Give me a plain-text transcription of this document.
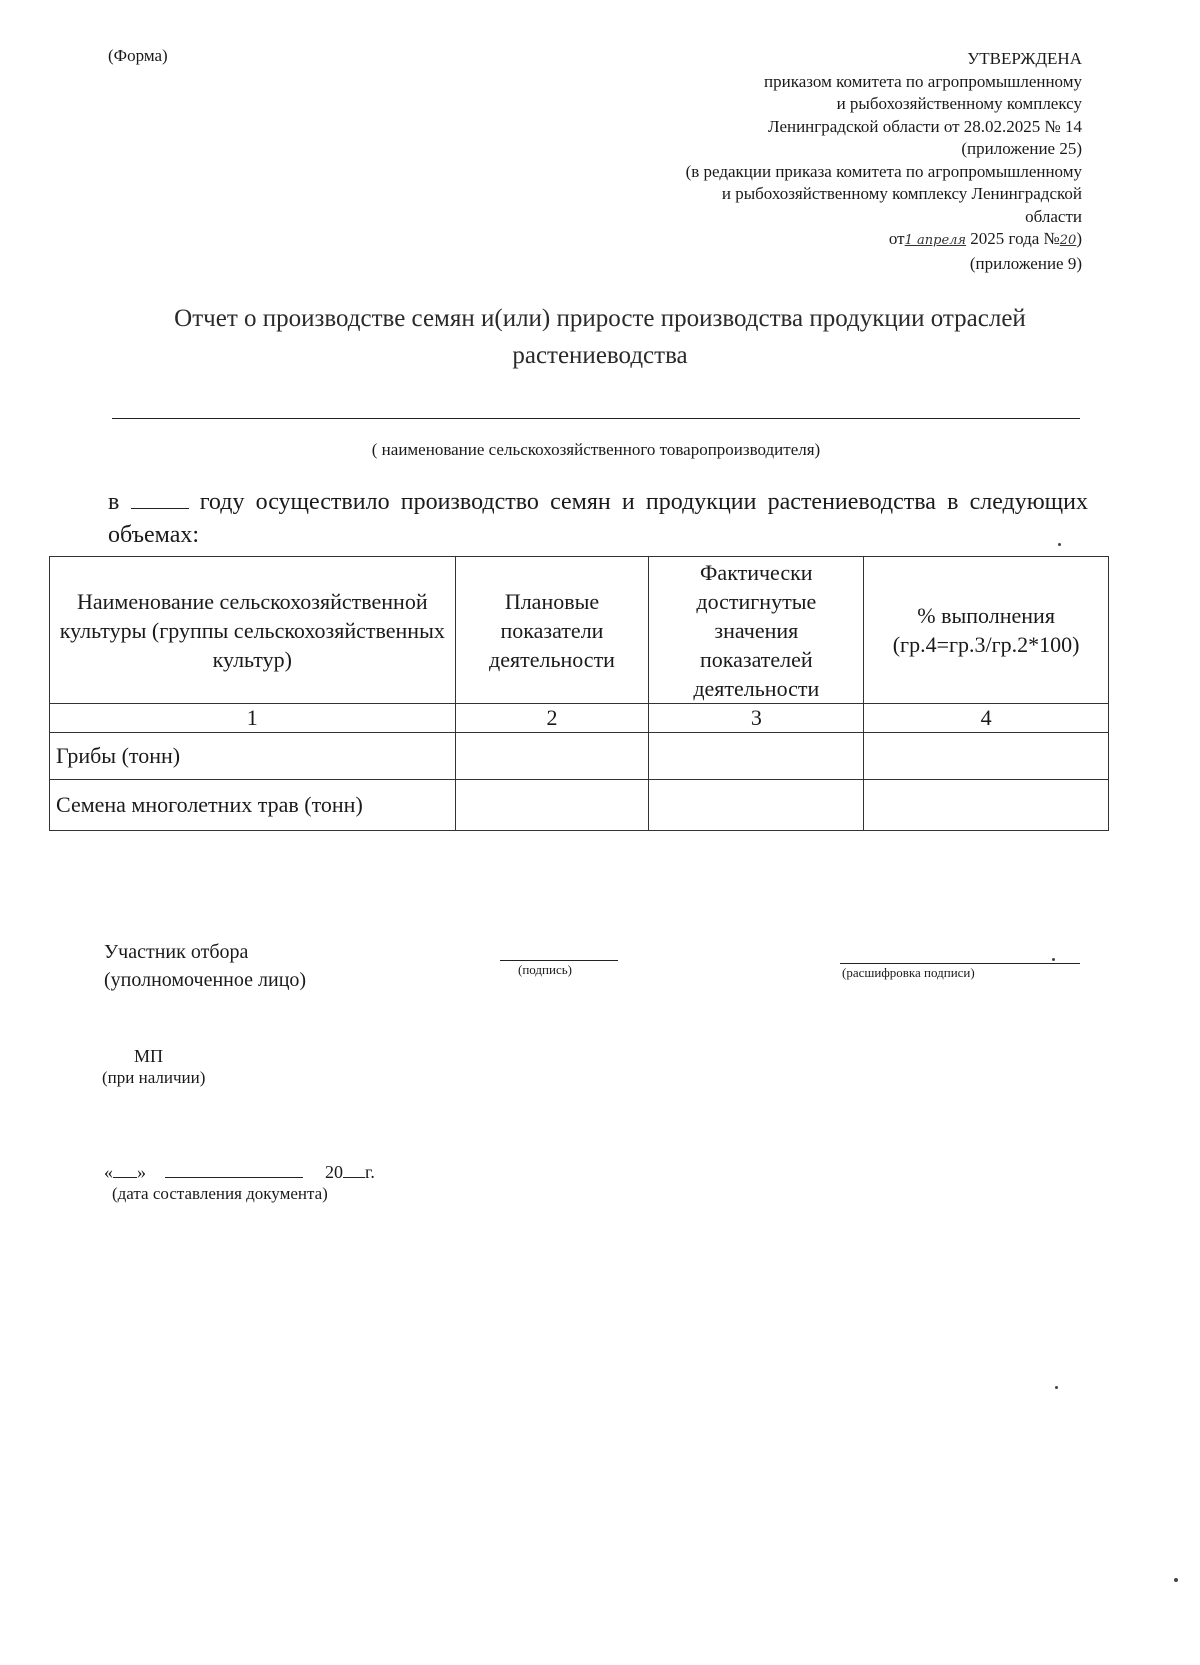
(Форма)	УТВЕРЖДЕНА
приказом комитета по агропромышленному
и рыбохозяйственному комплексу
Ленинградской области от 28.02.2025 № 14
(приложение 25)
(в редакции приказа комитета по агропромышленному
и рыбохозяйственному комплексу Ленинградской
области
от1 апреля 2025 года №20)
(приложение 9)
Отчет о производстве семян и(или) приросте производства продукции отраслей растениеводства
( наименование сельскохозяйственного товаропроизводителя)
в	году осуществило производство семян и продукции растениеводства в следующих объемах:
Наименование сельскохозяйственной культуры (группы сельскохозяйственных культур)	Плановые показатели деятельности	Фактически достигнутые значения показателей деятельности	% выполнения (гр.4=гр.3/гр.2*100)
1	2	3	4
Грибы (тонн)			
Семена многолетних трав (тонн)			
Участник отбора
(уполномоченное лицо)	(подпись)	(расшифровка подписи)
МП
(при наличии)
« »	20 г.
(дата составления документа)
